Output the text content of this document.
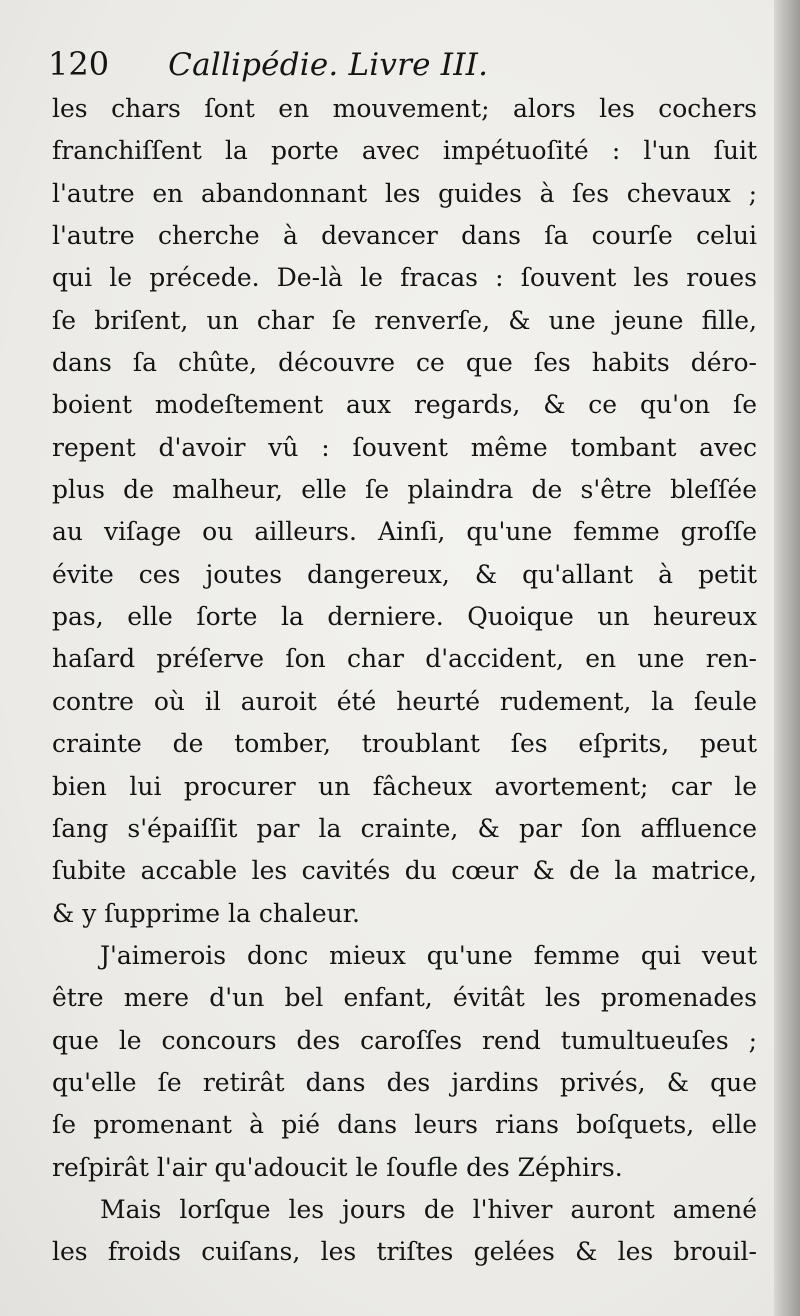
120 Callipédie. Livre III.
les chars ſont en mouvement; alors les cochers
franchiſſent la porte avec impétuoſité : l'un ſuit
l'autre en abandonnant les guides à ſes chevaux ;
l'autre cherche à devancer dans ſa courſe celui
qui le précede. De-là le fracas : ſouvent les roues
ſe briſent, un char ſe renverſe, & une jeune fille,
dans ſa chûte, découvre ce que ſes habits déro-
boient modeſtement aux regards, & ce qu'on ſe
repent d'avoir vû : ſouvent même tombant avec
plus de malheur, elle ſe plaindra de s'être bleſſée
au viſage ou ailleurs. Ainſi, qu'une femme groſſe
évite ces joutes dangereux, & qu'allant à petit
pas, elle ſorte la derniere. Quoique un heureux
haſard préſerve ſon char d'accident, en une ren-
contre où il auroit été heurté rudement, la ſeule
crainte de tomber, troublant ſes eſprits, peut
bien lui procurer un fâcheux avortement; car le
ſang s'épaiſſit par la crainte, & par ſon affluence
ſubite accable les cavités du cœur & de la matrice,
& y ſupprime la chaleur.
J'aimerois donc mieux qu'une femme qui veut
être mere d'un bel enfant, évitât les promenades
que le concours des caroſſes rend tumultueuſes ;
qu'elle ſe retirât dans des jardins privés, & que
ſe promenant à pié dans leurs rians boſquets, elle
reſpirât l'air qu'adoucit le ſoufle des Zéphirs.
Mais lorſque les jours de l'hiver auront amené
les froids cuiſans, les triſtes gelées & les brouil-
